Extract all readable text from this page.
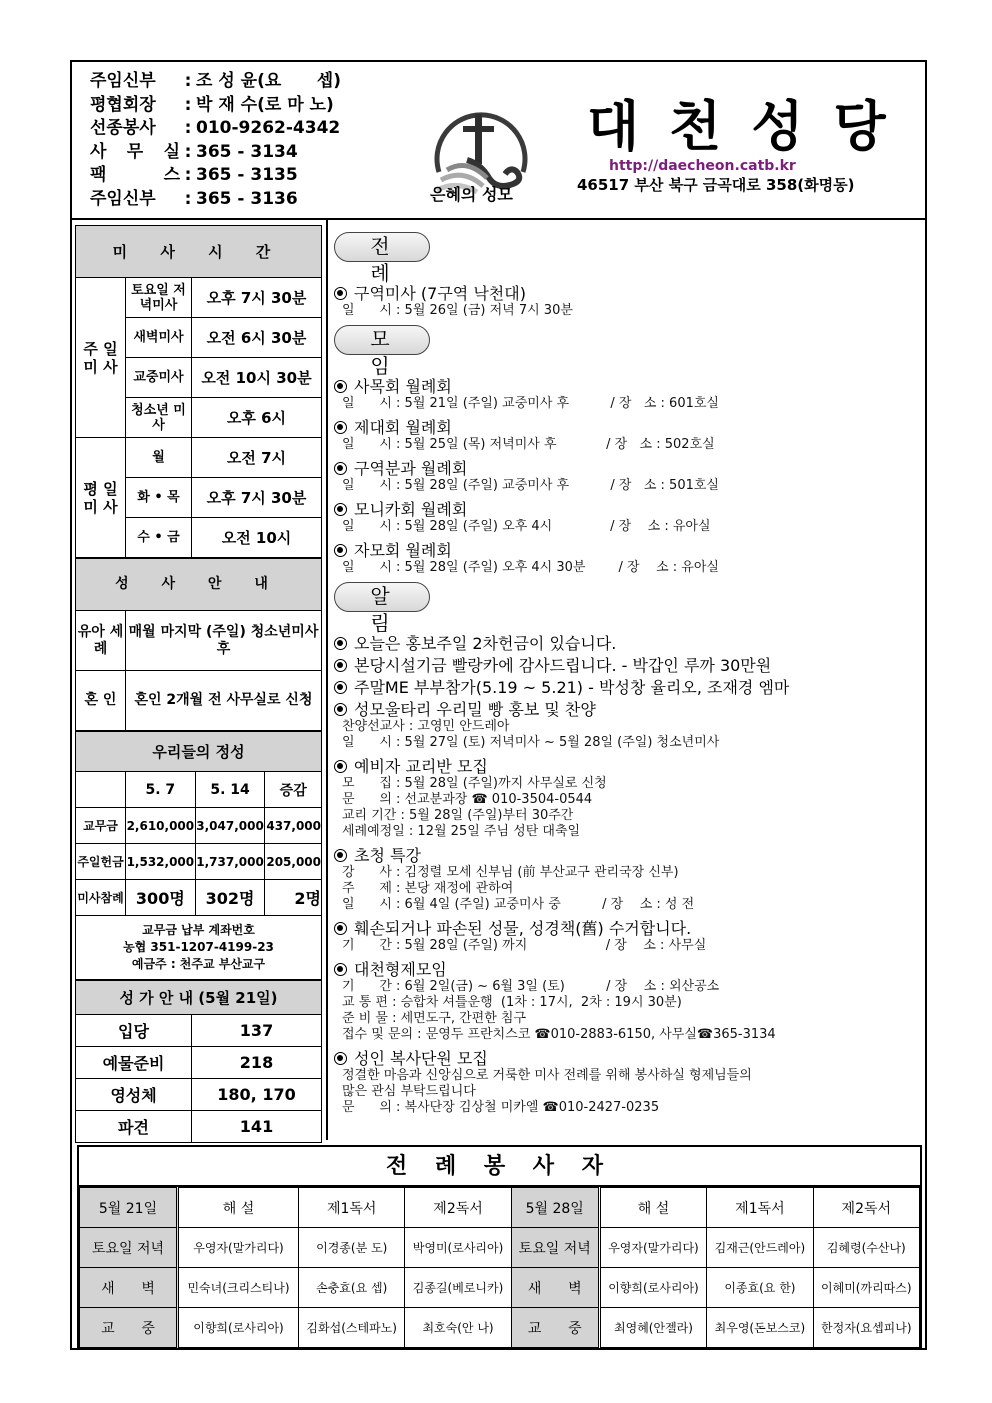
주임신부	: 조 성 윤(요      셉)
평협회장	: 박 재 수(로 마 노)
선종봉사	: 010-9262-4342
사 무 실 : 365 - 3134
팩      스 : 365 - 3135
주임신부	: 365 - 3136	은혜의 성모
대천성당
http://daecheon.catb.kr
46517 부산 북구 금곡대로 358(화명동)
미 사 시 간		
주 일 미 사	토요일 저녁미사	오후 7시 30분
	새벽미사	오전 6시 30분
	교중미사	오전 10시 30분
	청소년 미사	오후 6시
평 일 미 사	월	오전 7시
	화 • 목	오후 7시 30분
	수 • 금	오전 10시
성 사 안 내	
유아 세례	매월 마지막 (주일) 청소년미사 후
혼 인	혼인 2개월 전 사무실로 신청
우리들의 정성			
	5. 7	5. 14	증감
교무금	2,610,000	3,047,000	437,000
주일헌금	1,532,000	1,737,000	205,000
미사참례	300명	302명	2명

교무금 납부 계좌번호
농협 351-1207-4199-23
예금주 : 천주교 부산교구			
성 가 안 내 (5월 21일)	
입당	137
예물준비	218
영성체	180, 170
파견	141
전 례
구역미사 (7구역 낙천대)
일      시 : 5월 26일 (금) 저녁 7시 30분
모 임
사목회 월례회
일      시 : 5월 21일 (주일) 교중미사 후          / 장   소 : 601호실
제대회 월례회
일      시 : 5월 25일 (목) 저녁미사 후            / 장   소 : 502호실
구역분과 월례회
일      시 : 5월 28일 (주일) 교중미사 후          / 장   소 : 501호실
모니카회 월례회
일      시 : 5월 28일 (주일) 오후 4시              / 장    소 : 유아실
자모회 월례회
일      시 : 5월 28일 (주일) 오후 4시 30분        / 장    소 : 유아실
알 림
오늘은 홍보주일 2차헌금이 있습니다.
본당시설기금 빨랑카에 감사드립니다. - 박갑인 루까 30만원
주말ME 부부참가(5.19 ~ 5.21) - 박성창 율리오, 조재경 엠마
성모울타리 우리밀 빵 홍보 및 찬양
찬양선교사 : 고영민 안드레아
일      시 : 5월 27일 (토) 저녁미사 ~ 5월 28일 (주일) 청소년미사
예비자 교리반 모집
모      집 : 5월 28일 (주일)까지 사무실로 신청
문      의 : 선교분과장 ☎ 010-3504-0544
교리 기간 : 5월 28일 (주일)부터 30주간
세례예정일 : 12월 25일 주님 성탄 대축일
초청 특강
강      사 : 김정렬 모세 신부님 (前 부산교구 관리국장 신부)
주      제 : 본당 재정에 관하여
일      시 : 6월 4일 (주일) 교중미사 중          / 장    소 : 성 전
훼손되거나 파손된 성물, 성경책(舊) 수거합니다.
기      간 : 5월 28일 (주일) 까지                   / 장    소 : 사무실
대천형제모임
기      간 : 6월 2일(금) ~ 6월 3일 (토)          / 장    소 : 외산공소
교 통 편 : 승합차 셔틀운행  (1차 : 17시,  2차 : 19시 30분)
준 비 물 : 세면도구, 간편한 침구
접수 및 문의 : 문영두 프란치스코 ☎010-2883-6150, 사무실☎365-3134
성인 복사단원 모집
정결한 마음과 신앙심으로 거룩한 미사 전례를 위해 봉사하실 형제님들의
많은 관심 부탁드립니다
문      의 : 복사단장 김상철 미카엘 ☎010-2427-0235
전 례 봉 사 자
5월 21일	해 설	제1독서	제2독서	5월 28일	해 설	제1독서	제2독서
토요일 저녁	우영자(말가리다)	이경종(분 도)	박영미(로사리아)	토요일 저녁	우영자(말가리다)	김재근(안드레아)	김혜령(수산나)
새      벽	민숙녀(크리스티나)	손충효(요 셉)	김종길(베로니카)	새      벽	이향희(로사리아)	이종효(요 한)	이혜미(까리따스)
교      중	이향희(로사리아)	김화섭(스테파노)	최호숙(안 나)	교      중	최영혜(안젤라)	최우영(돈보스코)	한정자(요셉피나)
